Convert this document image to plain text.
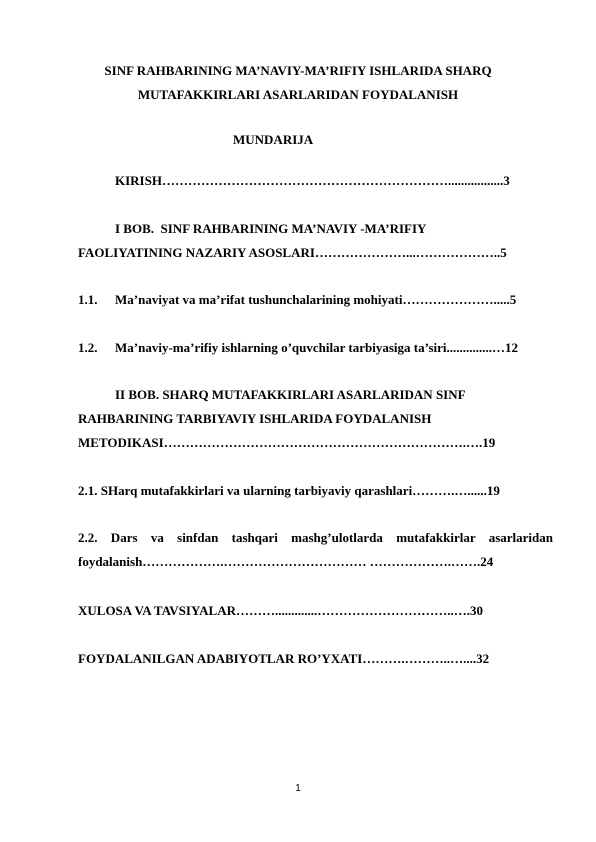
SINF RAHBARINING MA’NAVIY-MA’RIFIY ISHLARIDA SHARQ
MUTAFAKKIRLARI ASARLARIDAN FOYDALANISH
MUNDARIJA
KIRISH………………………………………………………….................3
I BOB.  SINF RAHBARINING MA’NAVIY -MA’RIFIY
FAOLIYATINING NAZARIY ASOSLARI…………………...………………..5
1.1. Ma’naviyat va ma’rifat tushunchalarining mohiyati………………….....5
1.2. Ma’naviy-ma’rifiy ishlarning o’quvchilar tarbiyasiga ta’siri..............…12
II BOB. SHARQ MUTAFAKKIRLARI ASARLARIDAN SINF
RAHBARINING TARBIYAVIY ISHLARIDA FOYDALANISH
METODIKASI…………………………………………………………….….19
2.1. SHarq mutafakkirlari va ularning tarbiyaviy qarashlari……….…......19
2.2. Dars va sinfdan tashqari mashg’ulotlarda mutafakkirlar asarlaridan
foydalanish……………….…………………………… ……………….…….24
XULOSA VA TAVSIYALAR……….............…………………………..….30
FOYDALANILGAN ADABIYOTLAR RO’YXATI……….………..…....32
1
